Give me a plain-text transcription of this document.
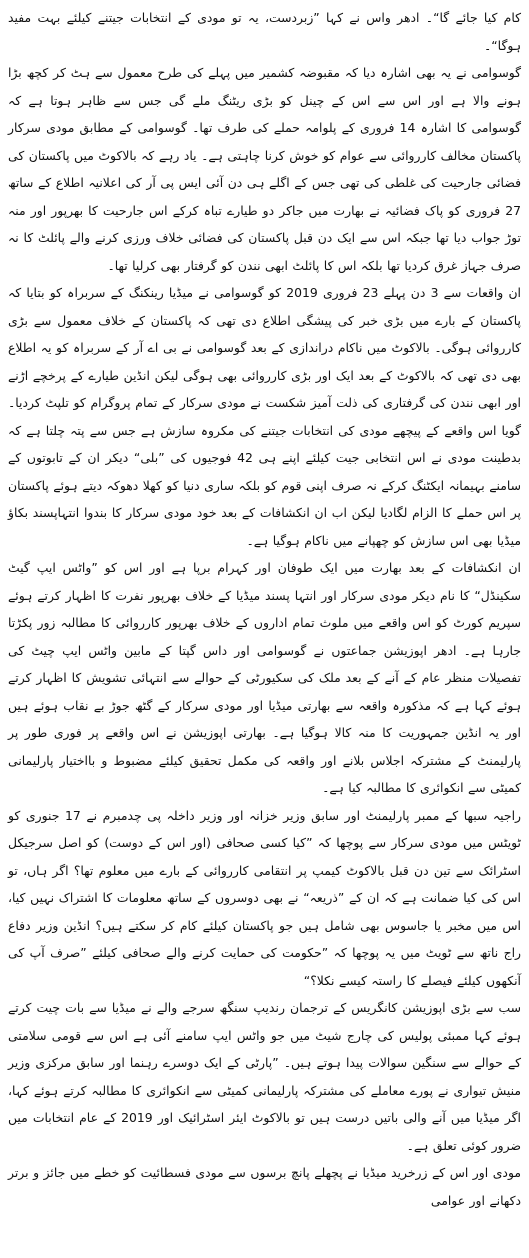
کام کیا جائے گا“۔ ادھر واس نے کہا ”زبردست، یہ تو مودی کے انتخابات جیتنے کیلئے بہت مفید ہوگا“۔

گوسوامی نے یہ بھی اشارہ دیا کہ مقبوضہ کشمیر میں پہلے کی طرح معمول سے ہٹ کر کچھ بڑا ہونے والا ہے اور اس سے اس کے چینل کو بڑی ریٹنگ ملے گی جس سے ظاہر ہوتا ہے کہ گوسوامی کا اشارہ 14 فروری کے پلوامہ حملے کی طرف تھا۔ گوسوامی کے مطابق مودی سرکار پاکستان مخالف کارروائی سے عوام کو خوش کرنا چاہتی ہے۔ یاد رہے کہ بالاکوٹ میں پاکستان کی فضائی جارحیت کی غلطی کی تھی جس کے اگلے ہی دن آئی ایس پی آر کی اعلانیہ اطلاع کے ساتھ 27 فروری کو پاک فضائیہ نے بھارت میں جاکر دو طیارے تباہ کرکے اس جارحیت کا بھرپور اور منہ توڑ جواب دیا تھا جبکہ اس سے ایک دن قبل پاکستان کی فضائی خلاف ورزی کرنے والے پائلٹ کا نہ صرف جہاز غرق کردیا تھا بلکہ اس کا پائلٹ ابھی نندن کو گرفتار بھی کرلیا تھا۔

ان واقعات سے 3 دن پہلے 23 فروری 2019 کو گوسوامی نے میڈیا رینکنگ کے سربراہ کو بتایا کہ پاکستان کے بارے میں بڑی خبر کی پیشگی اطلاع دی تھی کہ پاکستان کے خلاف معمول سے بڑی کارروائی ہوگی۔ بالاکوٹ میں ناکام دراندازی کے بعد گوسوامی نے بی اے آر کے سربراہ کو یہ اطلاع بھی دی تھی کہ بالاکوٹ کے بعد ایک اور بڑی کارروائی بھی ہوگی لیکن انڈین طیارے کے پرخچے اڑنے اور ابھی نندن کی گرفتاری کی ذلت آمیز شکست نے مودی سرکار کے تمام پروگرام کو تلپٹ کردیا۔ گویا اس واقعے کے پیچھے مودی کی انتخابات جیتنے کی مکروہ سازش ہے جس سے پتہ چلتا ہے کہ بدطینت مودی نے اس انتخابی جیت کیلئے اپنے ہی 42 فوجیوں کی ”بلی“ دیکر ان کے تابوتوں کے سامنے بہیمانہ ایکٹنگ کرکے نہ صرف اپنی قوم کو بلکہ ساری دنیا کو کھلا دھوکہ دیتے ہوئے پاکستان پر اس حملے کا الزام لگادیا لیکن اب ان انکشافات کے بعد خود مودی سرکار کا بندوا انتہاپسند بکاؤ میڈیا بھی اس سازش کو چھپانے میں ناکام ہوگیا ہے۔

ان انکشافات کے بعد بھارت میں ایک طوفان اور کہرام برپا ہے اور اس کو ”واٹس ایپ گیٹ سکینڈل“ کا نام دیکر مودی سرکار اور انتہا پسند میڈیا کے خلاف بھرپور نفرت کا اظہار کرتے ہوئے سپریم کورٹ کو اس واقعے میں ملوث تمام اداروں کے خلاف بھرپور کارروائی کا مطالبہ زور پکڑتا جارہا ہے۔ ادھر اپوزیشن جماعتوں نے گوسوامی اور داس گپتا کے مابین واٹس ایپ چیٹ کی تفصیلات منظر عام کے آنے کے بعد ملک کی سکیورٹی کے حوالے سے انتہائی تشویش کا اظہار کرتے ہوئے کہا ہے کہ مذکورہ واقعہ سے بھارتی میڈیا اور مودی سرکار کے گٹھ جوڑ بے نقاب ہوئے ہیں اور یہ انڈین جمہوریت کا منہ کالا ہوگیا ہے۔ بھارتی اپوزیشن نے اس واقعے پر فوری طور پر پارلیمنٹ کے مشترکہ اجلاس بلانے اور واقعہ کی مکمل تحقیق کیلئے مضبوط و بااختیار پارلیمانی کمیٹی سے انکوائری کا مطالبہ کیا ہے۔

راجیہ سبھا کے ممبر پارلیمنٹ اور سابق وزیر خزانہ اور وزیر داخلہ پی چدمبرم نے 17 جنوری کو ٹویٹس میں مودی سرکار سے پوچھا کہ ”کیا کسی صحافی (اور اس کے دوست) کو اصل سرجیکل اسٹرائک سے تین دن قبل بالاکوٹ کیمپ پر انتقامی کارروائی کے بارے میں معلوم تھا؟ اگر ہاں، تو اس کی کیا ضمانت ہے کہ ان کے ”ذریعہ“ نے بھی دوسروں کے ساتھ معلومات کا اشتراک نہیں کیا، اس میں مخبر یا جاسوس بھی شامل ہیں جو پاکستان کیلئے کام کر سکتے ہیں؟ انڈین وزیر دفاع راج ناتھ سے ٹویٹ میں یہ پوچھا کہ ”حکومت کی حمایت کرنے والے صحافی کیلئے ”صرف آپ کی آنکھوں کیلئے فیصلے کا راستہ کیسے نکلا؟“

سب سے بڑی اپوزیشن کانگریس کے ترجمان رندیپ سنگھ سرجے والے نے میڈیا سے بات چیت کرتے ہوئے کہا ممبئی پولیس کی چارج شیٹ میں جو واٹس ایپ سامنے آئی ہے اس سے قومی سلامتی کے حوالے سے سنگین سوالات پیدا ہوتے ہیں۔ ”پارٹی کے ایک دوسرے رہنما اور سابق مرکزی وزیر منیش تیواری نے پورے معاملے کی مشترکہ پارلیمانی کمیٹی سے انکوائری کا مطالبہ کرتے ہوئے کہا، اگر میڈیا میں آنے والی باتیں درست ہیں تو بالاکوٹ ایئر اسٹرائیک اور 2019 کے عام انتخابات میں ضرور کوئی تعلق ہے۔

مودی اور اس کے زرخرید میڈیا نے پچھلے پانچ برسوں سے مودی فسطائیت کو خطے میں جائز و برتر دکھانے اور عوامی
